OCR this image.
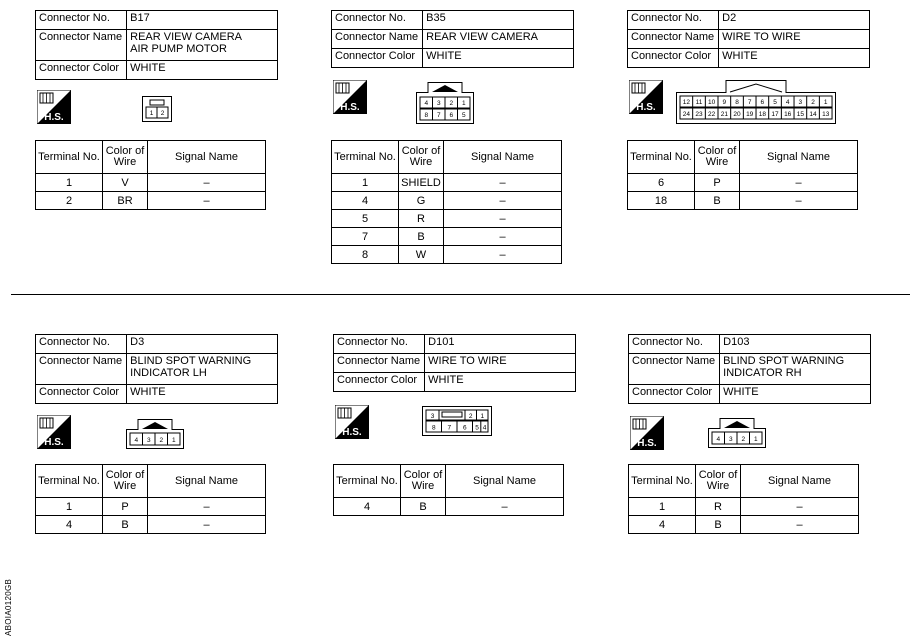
Connector No.	B17
Connector Name	REAR VIEW CAMERA
AIR PUMP MOTOR

Connector Color	WHITE
H.S.	1 2
Terminal No.	Color of
Wire	Signal Name
1	V	–
2	BR	–
Connector No.	B35
Connector Name	REAR VIEW CAMERA
Connector Color	WHITE
H.S.	4 3 2 1
8 7 6 5
Terminal No.	Color of
Wire	Signal Name
1	SHIELD	–
4	G	–
5	R	–
7	B	–
8	W	–
Connector No.	D2
Connector Name	WIRE TO WIRE
Connector Color	WHITE
H.S.	12 11 10 9 8 7 6 5 4 3 2 1
24 23 22 21 20 19 18 17 16 15 14 13
Terminal No.	Color of
Wire	Signal Name
6	P	–
18	B	–
Connector No.	D3
Connector Name	BLIND SPOT WARNING
INDICATOR LH

Connector Color	WHITE
H.S.	4 3 2 1
Terminal No.	Color of
Wire	Signal Name
1	P	–
4	B	–
Connector No.	D101
Connector Name	WIRE TO WIRE
Connector Color	WHITE
H.S.
3	2 1
8 7 6 5 4
Terminal No.	Color of
Wire	Signal Name
4	B	–
Connector No.	D103
Connector Name	BLIND SPOT WARNING
INDICATOR RH

Connector Color	WHITE
H.S.	4 3 2 1
Terminal No.	Color of
Wire	Signal Name
1	R	–
4	B	–
ABOIA0120GB
